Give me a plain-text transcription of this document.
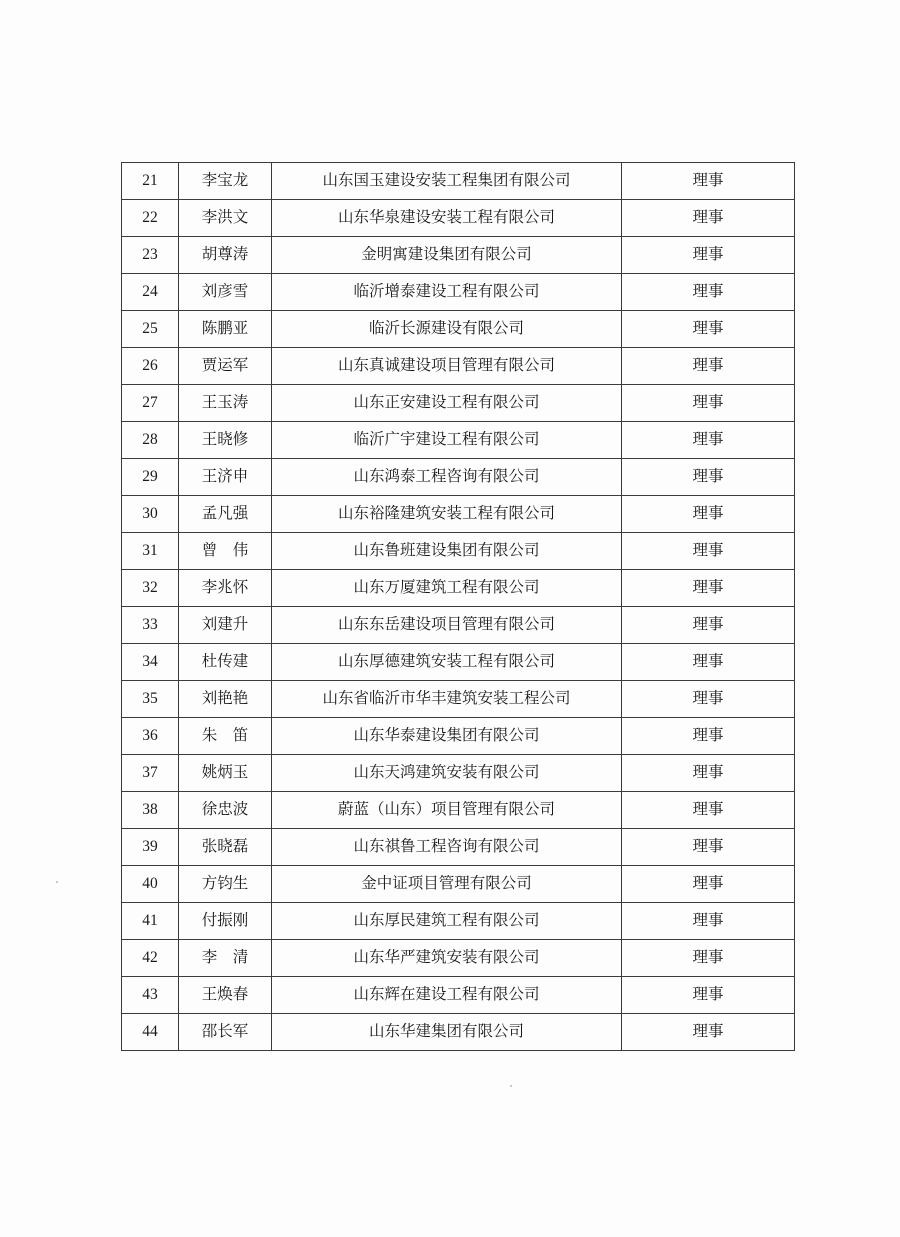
21	李宝龙	山东国玉建设安装工程集团有限公司	理事
22	李洪文	山东华泉建设安装工程有限公司	理事
23	胡尊涛	金明寓建设集团有限公司	理事
24	刘彦雪	临沂增泰建设工程有限公司	理事
25	陈鹏亚	临沂长源建设有限公司	理事
26	贾运军	山东真诚建设项目管理有限公司	理事
27	王玉涛	山东正安建设工程有限公司	理事
28	王晓修	临沂广宇建设工程有限公司	理事
29	王济申	山东鸿泰工程咨询有限公司	理事
30	孟凡强	山东裕隆建筑安装工程有限公司	理事
31	曾　伟	山东鲁班建设集团有限公司	理事
32	李兆怀	山东万厦建筑工程有限公司	理事
33	刘建升	山东东岳建设项目管理有限公司	理事
34	杜传建	山东厚德建筑安装工程有限公司	理事
35	刘艳艳	山东省临沂市华丰建筑安装工程公司	理事
36	朱　笛	山东华泰建设集团有限公司	理事
37	姚炳玉	山东天鸿建筑安装有限公司	理事
38	徐忠波	蔚蓝（山东）项目管理有限公司	理事
39	张晓磊	山东祺鲁工程咨询有限公司	理事
40	方钧生	金中证项目管理有限公司	理事
41	付振刚	山东厚民建筑工程有限公司	理事
42	李　清	山东华严建筑安装有限公司	理事
43	王焕春	山东辉在建设工程有限公司	理事
44	邵长军	山东华建集团有限公司	理事
